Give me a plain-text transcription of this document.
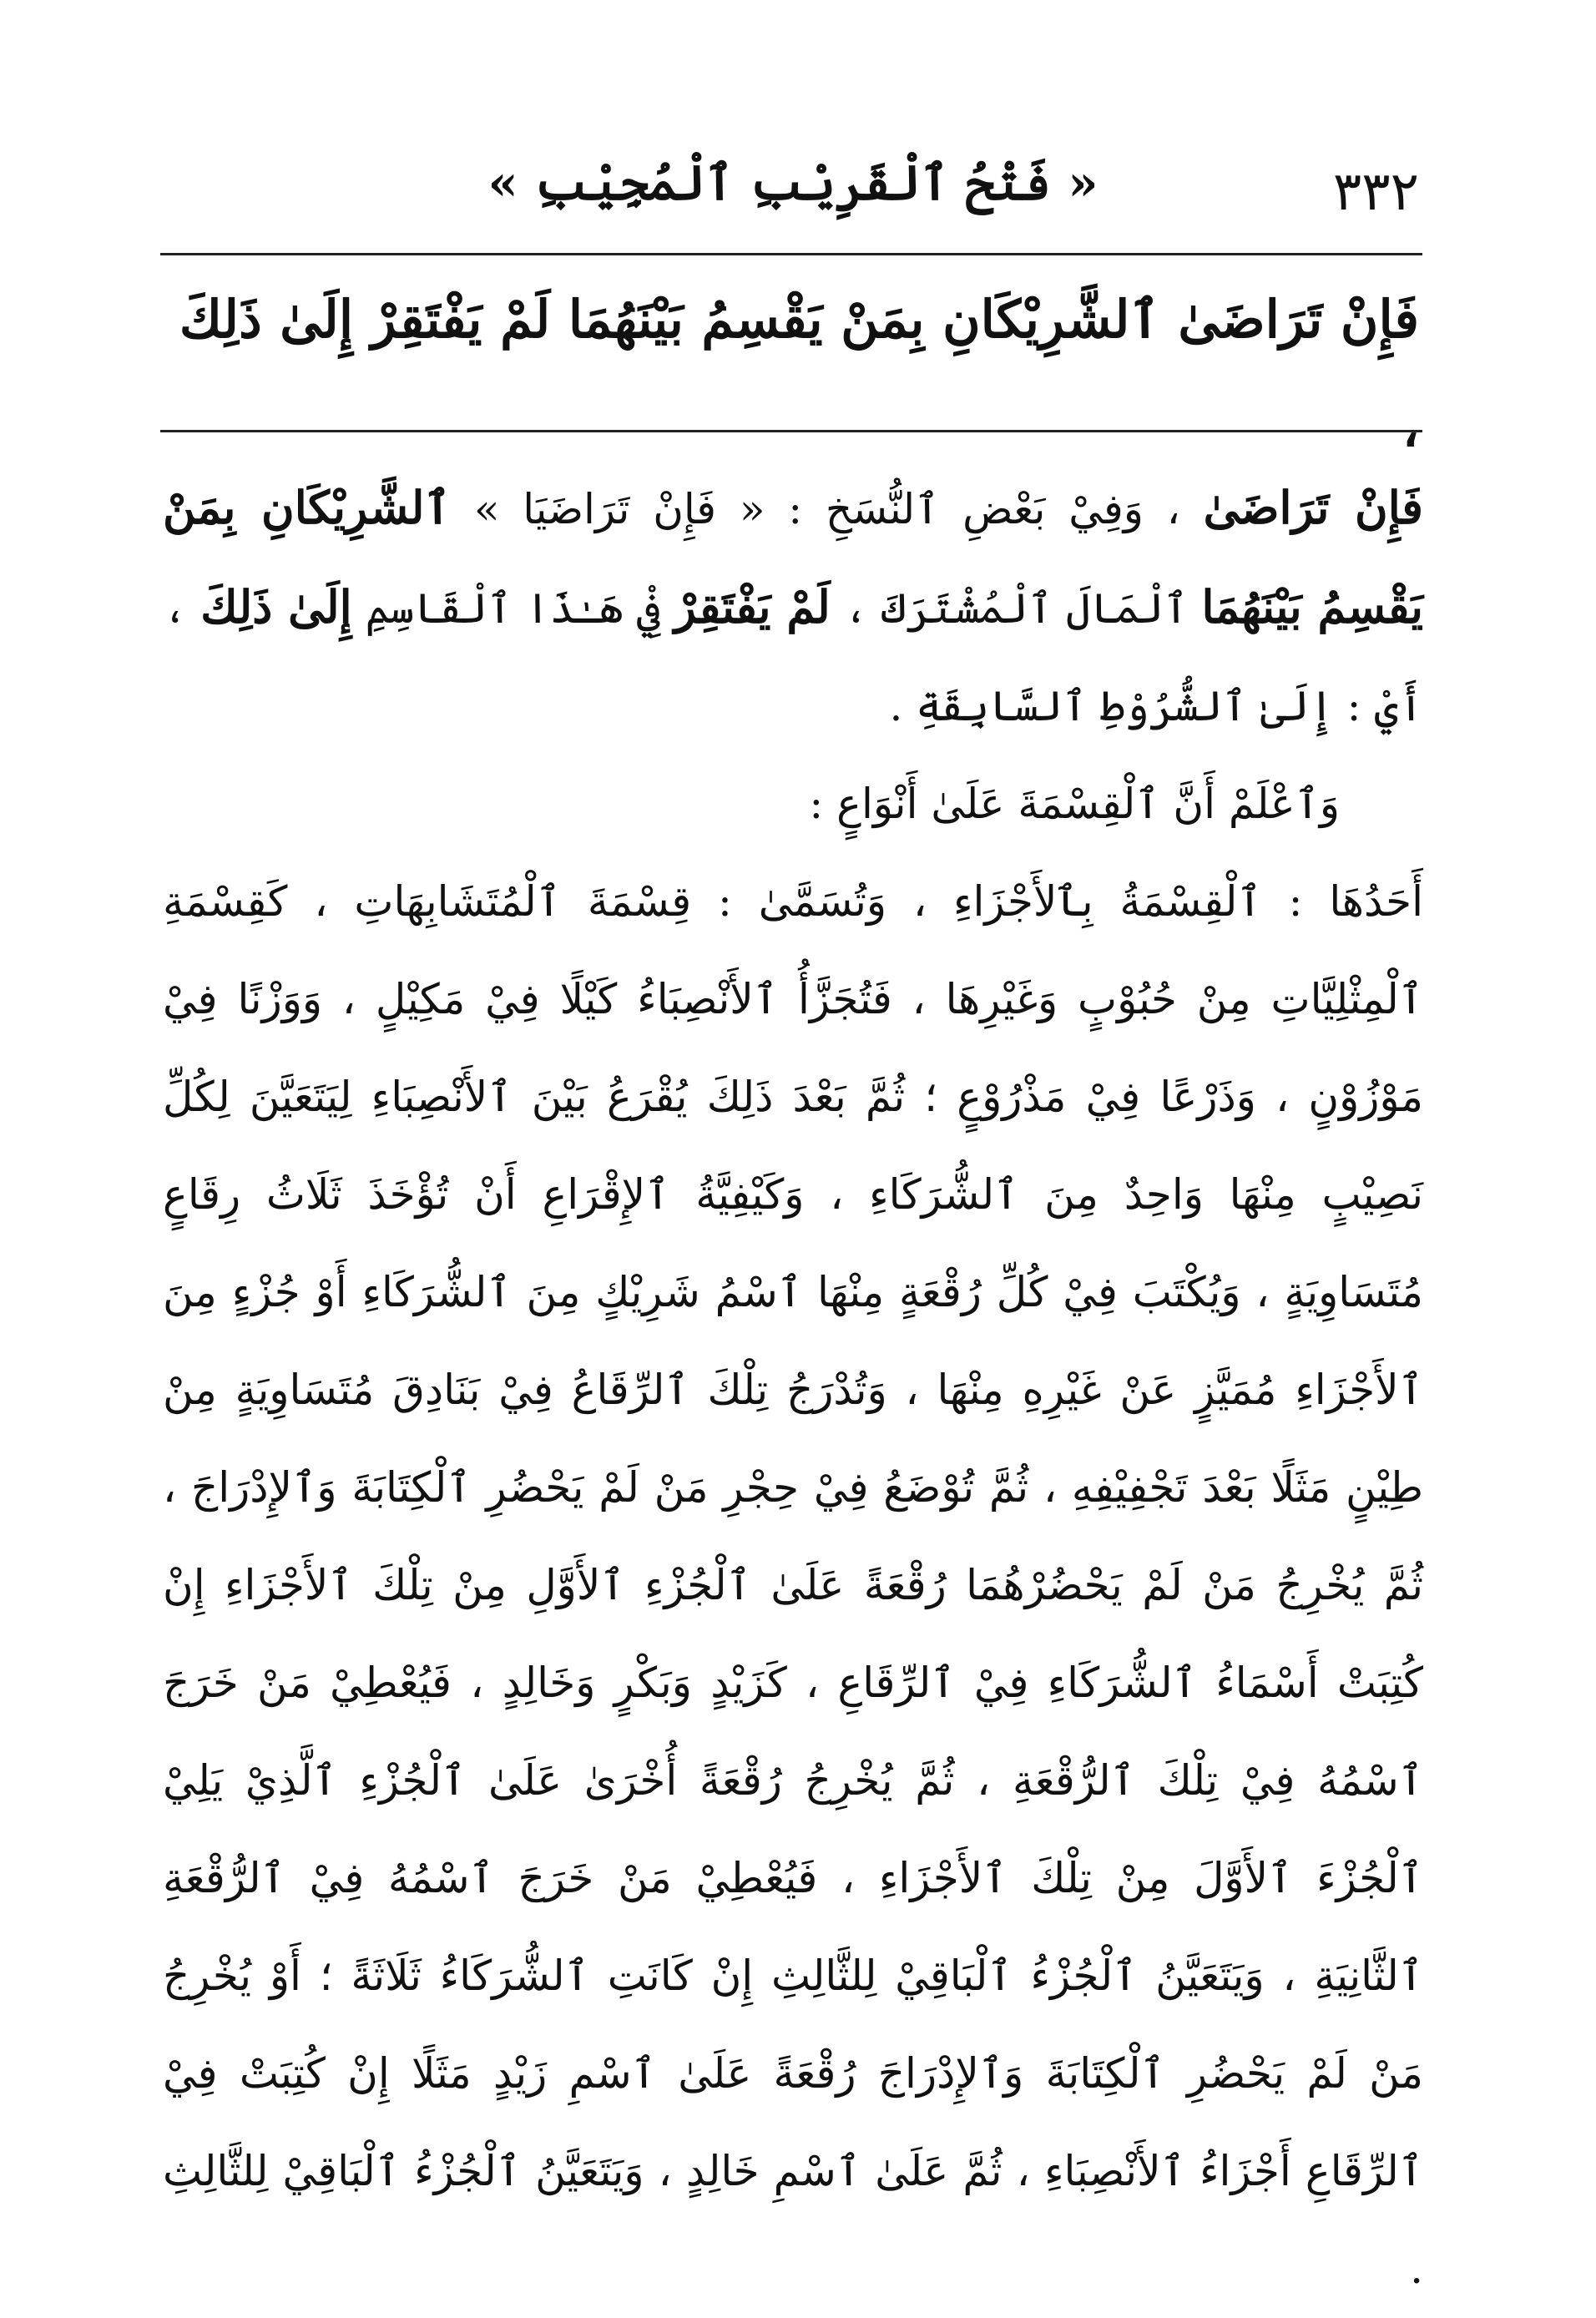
٣٣٢
« فَتْحُ ٱلْقَرِيْبِ ٱلْمُجِيْبِ »
فَإِنْ تَرَاضَىٰ ٱلشَّرِيْكَانِ بِمَنْ يَقْسِمُ بَيْنَهُمَا لَمْ يَفْتَقِرْ إِلَىٰ ذَلِكَ ،

فَإِنْ تَرَاضَىٰ ، وَفِيْ بَعْضِ ٱلنُّسَخِ : « فَإِنْ تَرَاضَيَا » ٱلشَّرِيْكَانِ بِمَنْ يَقْسِمُ بَيْنَهُمَا ٱلْمَالَ ٱلْمُشْتَرَكَ ، لَمْ يَفْتَقِرْ فِيْ هَـٰذَا ٱلْقَاسِمِ إِلَىٰ ذَلِكَ ، أَيْ : إِلَىٰ ٱلشُّرُوْطِ ٱلسَّابِقَةِ .

وَٱعْلَمْ أَنَّ ٱلْقِسْمَةَ عَلَىٰ أَنْوَاعٍ :

أَحَدُهَا : ٱلْقِسْمَةُ بِٱلأَجْزَاءِ ، وَتُسَمَّىٰ : قِسْمَةَ ٱلْمُتَشَابِهَاتِ ، كَقِسْمَةِ ٱلْمِثْلِيَّاتِ مِنْ حُبُوْبٍ وَغَيْرِهَا ، فَتُجَزَّأُ ٱلأَنْصِبَاءُ كَيْلًا فِيْ مَكِيْلٍ ، وَوَزْنًا فِيْ مَوْزُوْنٍ ، وَذَرْعًا فِيْ مَذْرُوْعٍ ؛ ثُمَّ بَعْدَ ذَلِكَ يُقْرَعُ بَيْنَ ٱلأَنْصِبَاءِ لِيَتَعَيَّنَ لِكُلِّ نَصِيْبٍ مِنْهَا وَاحِدٌ مِنَ ٱلشُّرَكَاءِ ، وَكَيْفِيَّةُ ٱلإِقْرَاعِ أَنْ تُؤْخَذَ ثَلَاثُ رِقَاعٍ مُتَسَاوِيَةٍ ، وَيُكْتَبَ فِيْ كُلِّ رُقْعَةٍ مِنْهَا ٱسْمُ شَرِيْكٍ مِنَ ٱلشُّرَكَاءِ أَوْ جُزْءٍ مِنَ ٱلأَجْزَاءِ مُمَيَّزٍ عَنْ غَيْرِهِ مِنْهَا ، وَتُدْرَجُ تِلْكَ ٱلرِّقَاعُ فِيْ بَنَادِقَ مُتَسَاوِيَةٍ مِنْ طِيْنٍ مَثَلًا بَعْدَ تَجْفِيْفِهِ ، ثُمَّ تُوْضَعُ فِيْ حِجْرِ مَنْ لَمْ يَحْضُرِ ٱلْكِتَابَةَ وَٱلإِدْرَاجَ ، ثُمَّ يُخْرِجُ مَنْ لَمْ يَحْضُرْهُمَا رُقْعَةً عَلَىٰ ٱلْجُزْءِ ٱلأَوَّلِ مِنْ تِلْكَ ٱلأَجْزَاءِ إِنْ كُتِبَتْ أَسْمَاءُ ٱلشُّرَكَاءِ فِيْ ٱلرِّقَاعِ ، كَزَيْدٍ وَبَكْرٍ وَخَالِدٍ ، فَيُعْطِيْ مَنْ خَرَجَ ٱسْمُهُ فِيْ تِلْكَ ٱلرُّقْعَةِ ، ثُمَّ يُخْرِجُ رُقْعَةً أُخْرَىٰ عَلَىٰ ٱلْجُزْءِ ٱلَّذِيْ يَلِيْ ٱلْجُزْءَ ٱلأَوَّلَ مِنْ تِلْكَ ٱلأَجْزَاءِ ، فَيُعْطِيْ مَنْ خَرَجَ ٱسْمُهُ فِيْ ٱلرُّقْعَةِ ٱلثَّانِيَةِ ، وَيَتَعَيَّنُ ٱلْجُزْءُ ٱلْبَاقِيْ لِلثَّالِثِ إِنْ كَانَتِ ٱلشُّرَكَاءُ ثَلَاثَةً ؛ أَوْ يُخْرِجُ مَنْ لَمْ يَحْضُرِ ٱلْكِتَابَةَ وَٱلإِدْرَاجَ رُقْعَةً عَلَىٰ ٱسْمِ زَيْدٍ مَثَلًا إِنْ كُتِبَتْ فِيْ ٱلرِّقَاعِ أَجْزَاءُ ٱلأَنْصِبَاءِ ، ثُمَّ عَلَىٰ ٱسْمِ خَالِدٍ ، وَيَتَعَيَّنُ ٱلْجُزْءُ ٱلْبَاقِيْ لِلثَّالِثِ .
